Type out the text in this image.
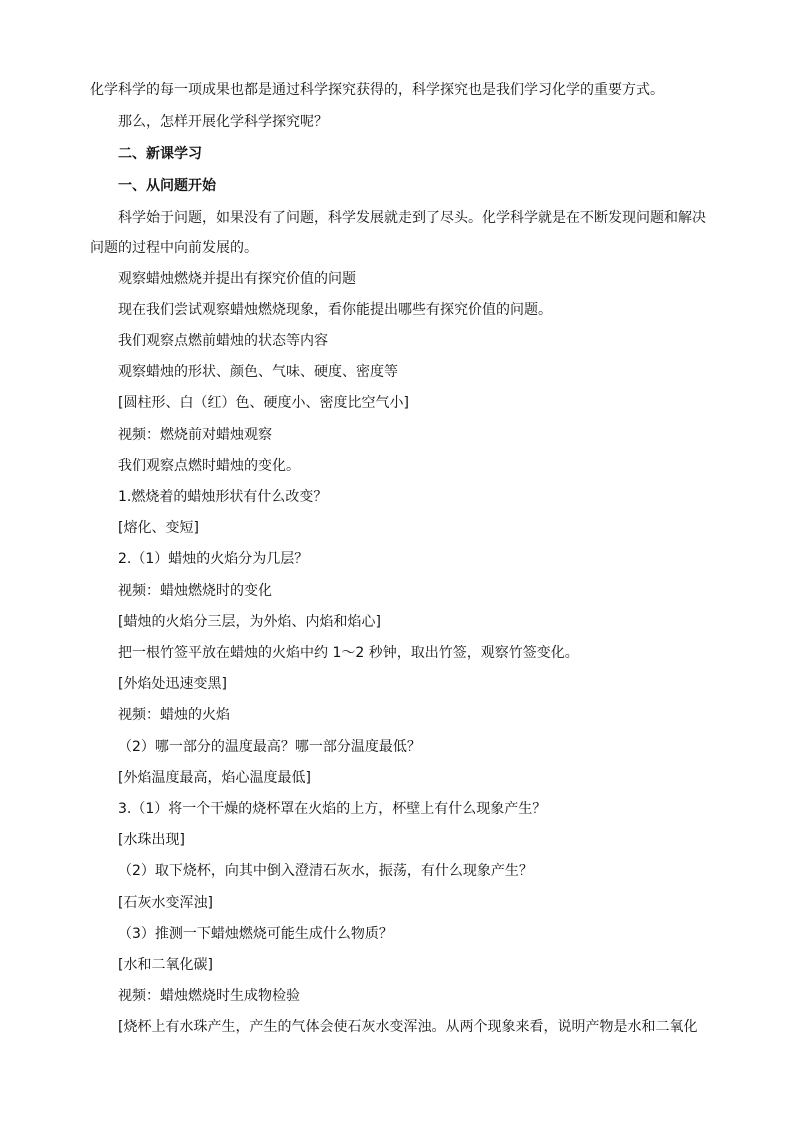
化学科学的每一项成果也都是通过科学探究获得的，科学探究也是我们学习化学的重要方式。
那么，怎样开展化学科学探究呢？
二、新课学习
一、从问题开始
科学始于问题，如果没有了问题，科学发展就走到了尽头。化学科学就是在不断发现问题和解决
问题的过程中向前发展的。
观察蜡烛燃烧并提出有探究价值的问题
现在我们尝试观察蜡烛燃烧现象，看你能提出哪些有探究价值的问题。
我们观察点燃前蜡烛的状态等内容
观察蜡烛的形状、颜色、气味、硬度、密度等
[圆柱形、白（红）色、硬度小、密度比空气小]
视频：燃烧前对蜡烛观察
我们观察点燃时蜡烛的变化。
1.燃烧着的蜡烛形状有什么改变？
[熔化、变短]
2.（1）蜡烛的火焰分为几层？
视频：蜡烛燃烧时的变化
[蜡烛的火焰分三层，为外焰、内焰和焰心]
把一根竹签平放在蜡烛的火焰中约 1～2 秒钟，取出竹签，观察竹签变化。
[外焰处迅速变黑]
视频：蜡烛的火焰
（2）哪一部分的温度最高？哪一部分温度最低？
[外焰温度最高，焰心温度最低]
3.（1）将一个干燥的烧杯罩在火焰的上方，杯壁上有什么现象产生？
[水珠出现]
（2）取下烧杯，向其中倒入澄清石灰水，振荡，有什么现象产生？
[石灰水变浑浊]
（3）推测一下蜡烛燃烧可能生成什么物质？
[水和二氧化碳]
视频：蜡烛燃烧时生成物检验
[烧杯上有水珠产生，产生的气体会使石灰水变浑浊。从两个现象来看，说明产物是水和二氧化
